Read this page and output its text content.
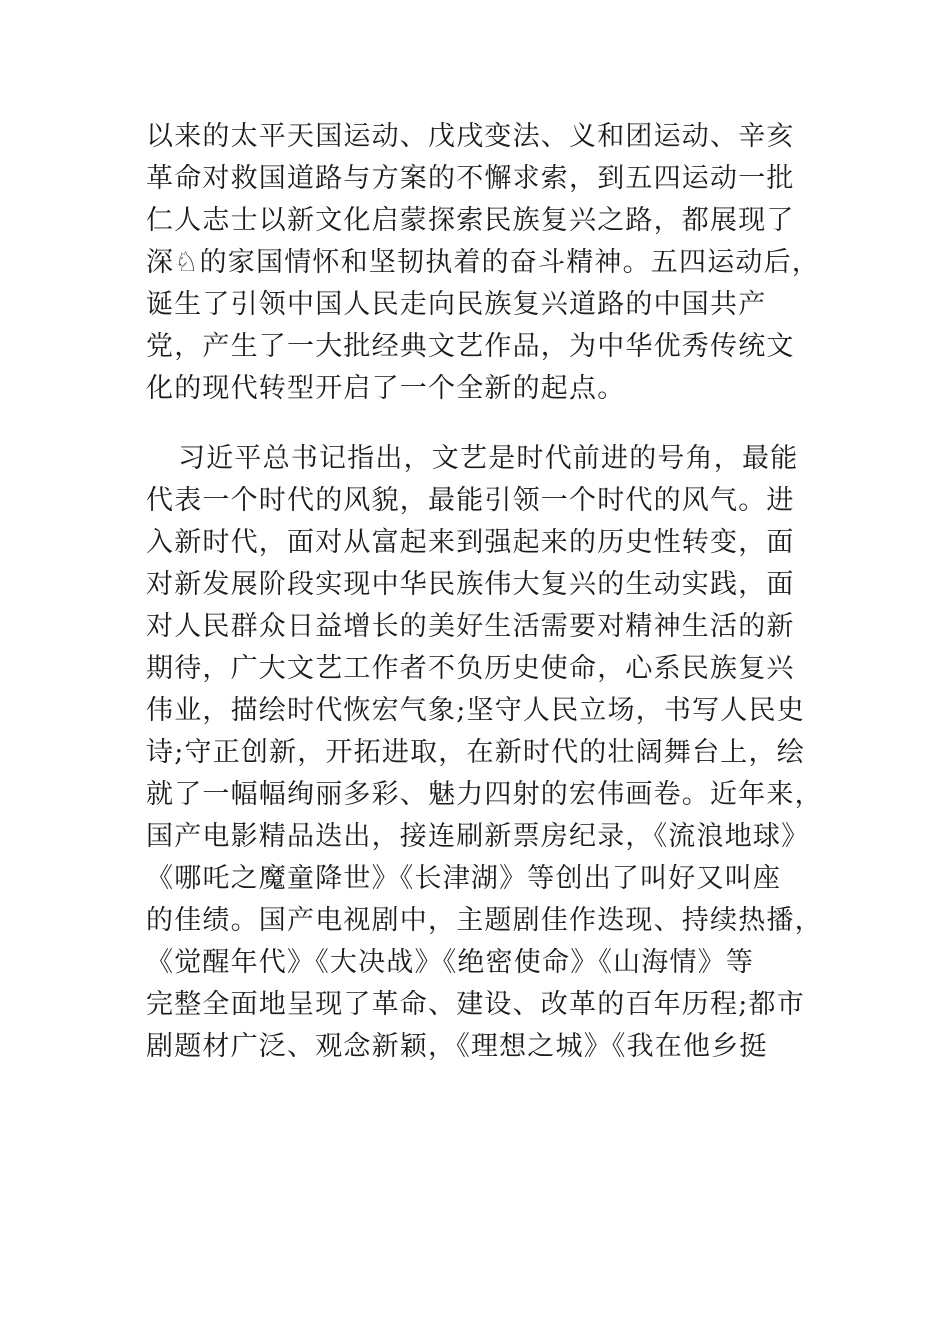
以来的太平天国运动、戊戌变法、义和团运动、辛亥
革命对救国道路与方案的不懈求索，到五四运动一批
仁人志士以新文化启蒙探索民族复兴之路，都展现了
深♘的家国情怀和坚韧执着的奋斗精神。五四运动后，
诞生了引领中国人民走向民族复兴道路的中国共产
党，产生了一大批经典文艺作品，为中华优秀传统文
化的现代转型开启了一个全新的起点。
习近平总书记指出，文艺是时代前进的号角，最能
代表一个时代的风貌，最能引领一个时代的风气。进
入新时代，面对从富起来到强起来的历史性转变，面
对新发展阶段实现中华民族伟大复兴的生动实践，面
对人民群众日益增长的美好生活需要对精神生活的新
期待，广大文艺工作者不负历史使命，心系民族复兴
伟业，描绘时代恢宏气象;坚守人民立场，书写人民史
诗;守正创新，开拓进取，在新时代的壮阔舞台上，绘
就了一幅幅绚丽多彩、魅力四射的宏伟画卷。近年来，
国产电影精品迭出，接连刷新票房纪录，《流浪地球》
《哪吒之魔童降世》《长津湖》等创出了叫好又叫座
的佳绩。国产电视剧中，主题剧佳作迭现、持续热播，
《觉醒年代》《大决战》《绝密使命》《山海情》等
完整全面地呈现了革命、建设、改革的百年历程;都市
剧题材广泛、观念新颖，《理想之城》《我在他乡挺
